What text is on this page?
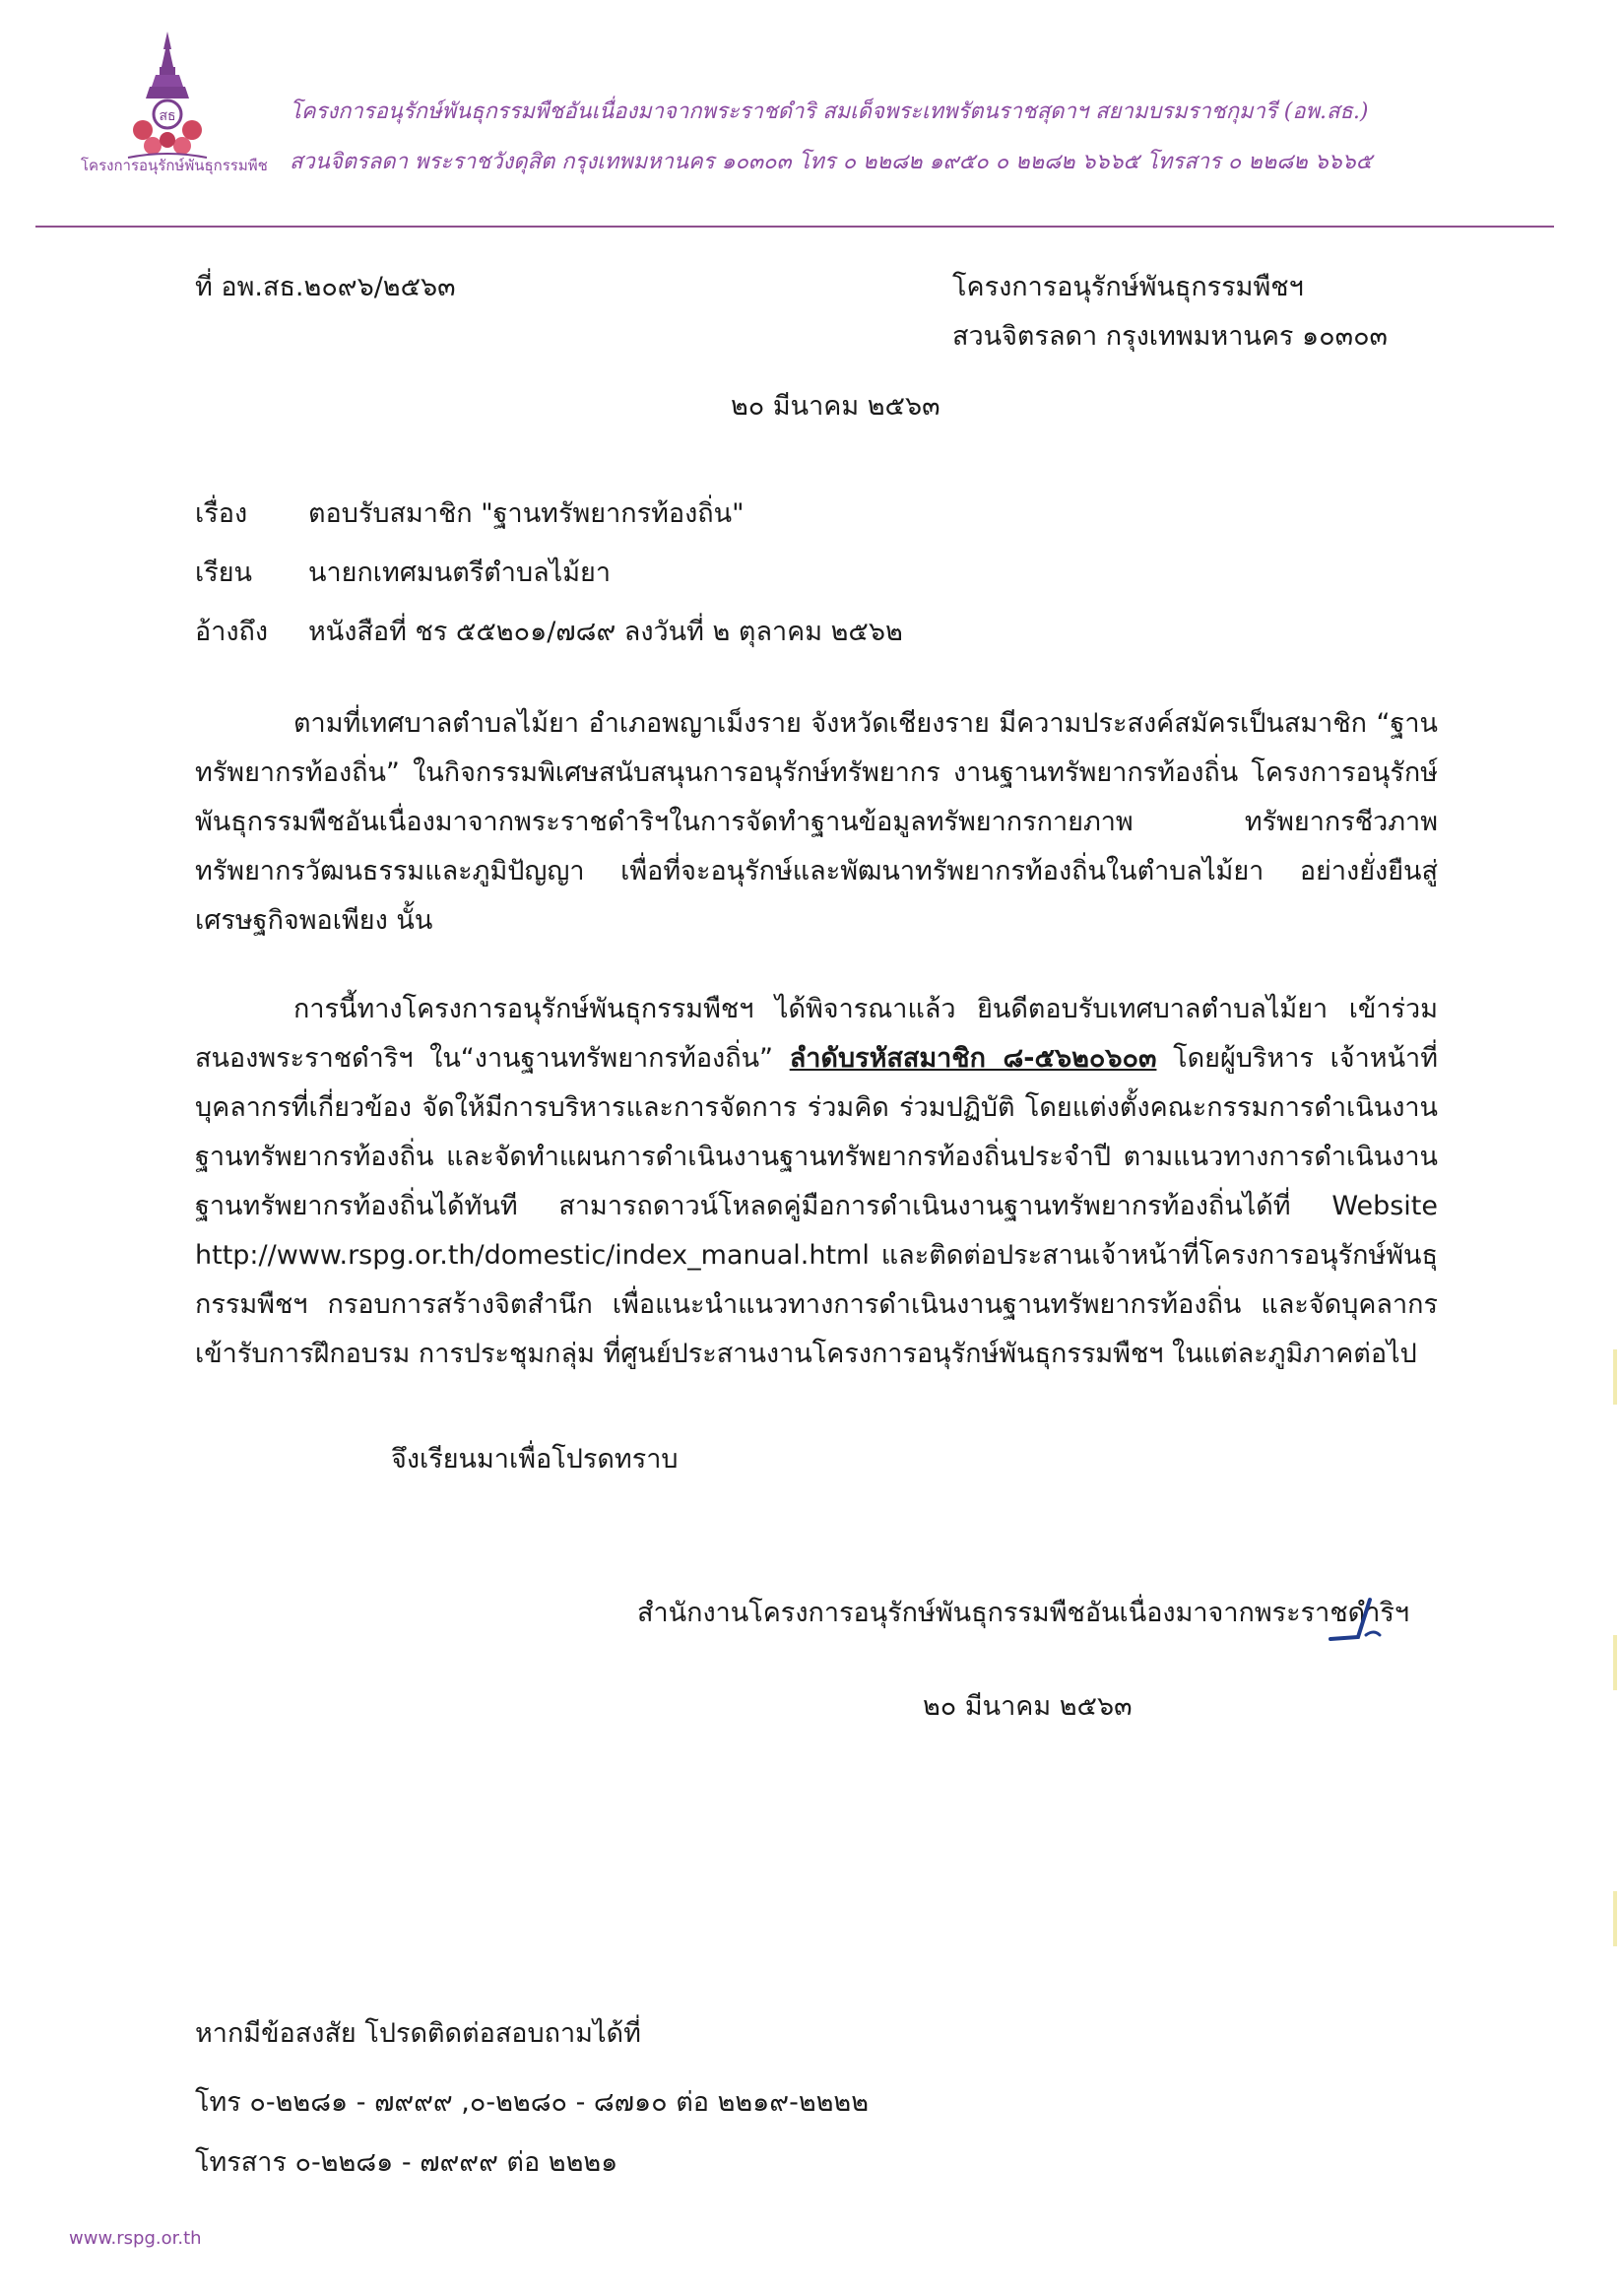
สธ
โครงการอนุรักษ์พันธุกรรมพืช
โครงการอนุรักษ์พันธุกรรมพืชอันเนื่องมาจากพระราชดำริ สมเด็จพระเทพรัตนราชสุดาฯ สยามบรมราชกุมารี (อพ.สธ.)
สวนจิตรลดา พระราชวังดุสิต กรุงเทพมหานคร ๑๐๓๐๓ โทร ๐ ๒๒๘๒ ๑๙๕๐ ๐ ๒๒๘๒ ๖๖๖๕ โทรสาร ๐ ๒๒๘๒ ๖๖๖๕
ที่ อพ.สธ.๒๐๙๖/๒๕๖๓	โครงการอนุรักษ์พันธุกรรมพืชฯ
สวนจิตรลดา กรุงเทพมหานคร ๑๐๓๐๓
๒๐ มีนาคม ๒๕๖๓
เรื่อง ตอบรับสมาชิก "ฐานทรัพยากรท้องถิ่น"
เรียน นายกเทศมนตรีตำบลไม้ยา
อ้างถึง หนังสือที่ ชร ๕๕๒๐๑/๗๘๙ ลงวันที่ ๒ ตุลาคม ๒๕๖๒
ตามที่เทศบาลตำบลไม้ยา อำเภอพญาเม็งราย จังหวัดเชียงราย มีความประสงค์สมัครเป็นสมาชิก “ฐานทรัพยากรท้องถิ่น” ในกิจกรรมพิเศษสนับสนุนการอนุรักษ์ทรัพยากร งานฐานทรัพยากรท้องถิ่น โครงการอนุรักษ์พันธุกรรมพืชอันเนื่องมาจากพระราชดำริฯในการจัดทำฐานข้อมูลทรัพยากรกายภาพ ทรัพยากรชีวภาพ ทรัพยากรวัฒนธรรมและภูมิปัญญา เพื่อที่จะอนุรักษ์และพัฒนาทรัพยากรท้องถิ่นในตำบลไม้ยา อย่างยั่งยืนสู่เศรษฐกิจพอเพียง นั้น
การนี้ทางโครงการอนุรักษ์พันธุกรรมพืชฯ ได้พิจารณาแล้ว ยินดีตอบรับเทศบาลตำบลไม้ยา เข้าร่วมสนองพระราชดำริฯ ใน“งานฐานทรัพยากรท้องถิ่น” ลำดับรหัสสมาชิก ๘-๕๖๒๐๖๐๓ โดยผู้บริหาร เจ้าหน้าที่ บุคลากรที่เกี่ยวข้อง จัดให้มีการบริหารและการจัดการ ร่วมคิด ร่วมปฏิบัติ โดยแต่งตั้งคณะกรรมการดำเนินงานฐานทรัพยากรท้องถิ่น และจัดทำแผนการดำเนินงานฐานทรัพยากรท้องถิ่นประจำปี ตามแนวทางการดำเนินงานฐานทรัพยากรท้องถิ่นได้ทันที สามารถดาวน์โหลดคู่มือการดำเนินงานฐานทรัพยากรท้องถิ่นได้ที่ Website http://www.rspg.or.th/domestic/index_manual.html และติดต่อประสานเจ้าหน้าที่โครงการอนุรักษ์พันธุกรรมพืชฯ กรอบการสร้างจิตสำนึก เพื่อแนะนำแนวทางการดำเนินงานฐานทรัพยากรท้องถิ่น และจัดบุคลากรเข้ารับการฝึกอบรม การประชุมกลุ่ม ที่ศูนย์ประสานงานโครงการอนุรักษ์พันธุกรรมพืชฯ ในแต่ละภูมิภาคต่อไป
จึงเรียนมาเพื่อโปรดทราบ
สำนักงานโครงการอนุรักษ์พันธุกรรมพืชอันเนื่องมาจากพระราชดำริฯ
๒๐ มีนาคม ๒๕๖๓
หากมีข้อสงสัย โปรดติดต่อสอบถามได้ที่
โทร ๐-๒๒๘๑ - ๗๙๙๙ ,๐-๒๒๘๐ - ๘๗๑๐ ต่อ ๒๒๑๙-๒๒๒๒
โทรสาร ๐-๒๒๘๑ - ๗๙๙๙ ต่อ ๒๒๒๑
www.rspg.or.th
